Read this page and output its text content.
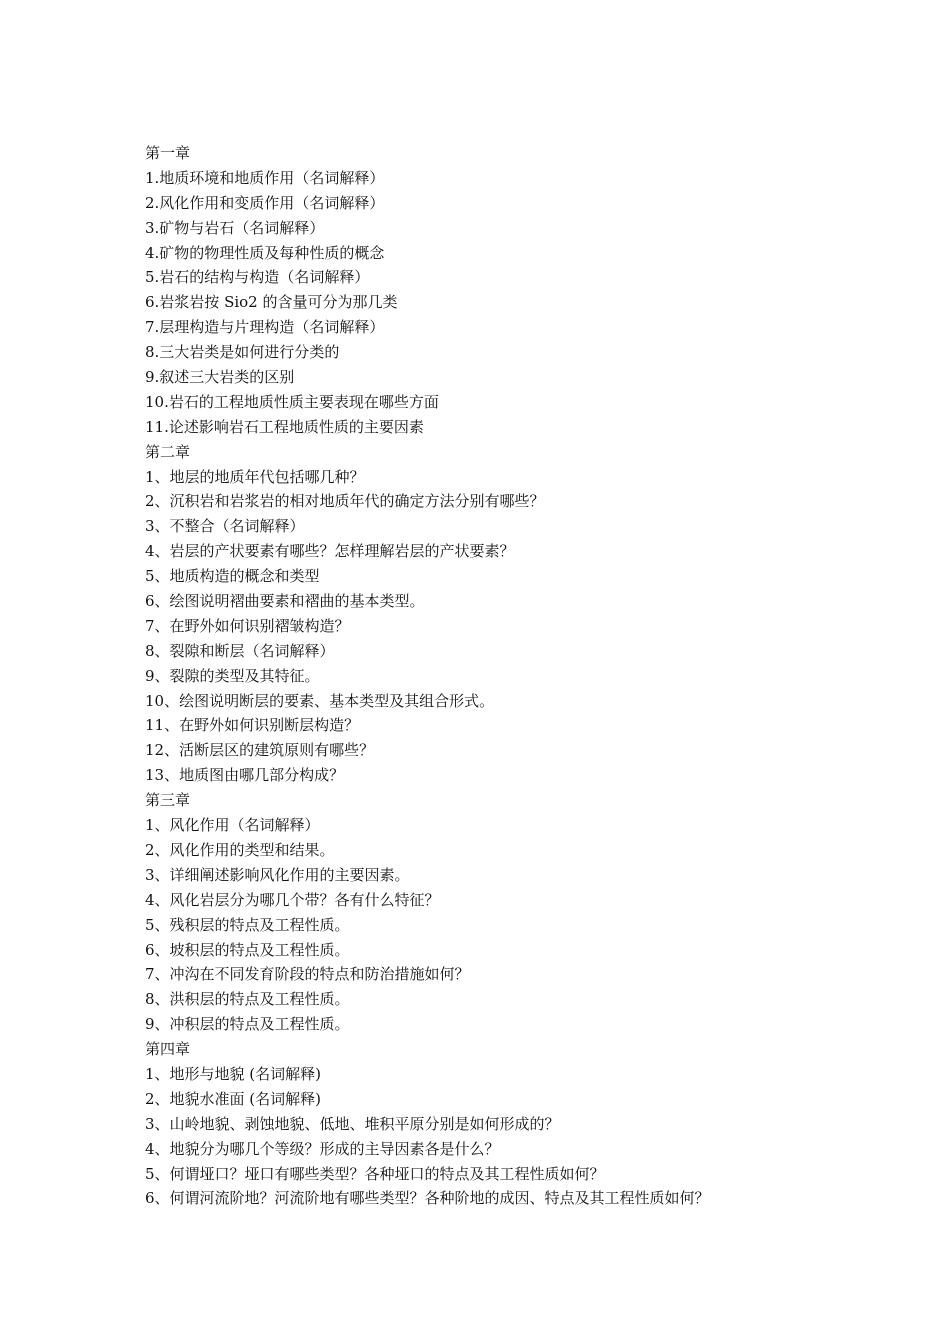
第一章
1.地质环境和地质作用（名词解释）
2.风化作用和变质作用（名词解释）
3.矿物与岩石（名词解释）
4.矿物的物理性质及每种性质的概念
5.岩石的结构与构造（名词解释）
6.岩浆岩按 Sio2 的含量可分为那几类
7.层理构造与片理构造（名词解释）
8.三大岩类是如何进行分类的
9.叙述三大岩类的区别
10.岩石的工程地质性质主要表现在哪些方面
11.论述影响岩石工程地质性质的主要因素
第二章
1、地层的地质年代包括哪几种？
2、沉积岩和岩浆岩的相对地质年代的确定方法分别有哪些？
3、不整合（名词解释）
4、岩层的产状要素有哪些？怎样理解岩层的产状要素？
5、地质构造的概念和类型
6、绘图说明褶曲要素和褶曲的基本类型。
7、在野外如何识别褶皱构造？
8、裂隙和断层（名词解释）
9、裂隙的类型及其特征。
10、绘图说明断层的要素、基本类型及其组合形式。
11、在野外如何识别断层构造？
12、活断层区的建筑原则有哪些？
13、地质图由哪几部分构成？
第三章
1、风化作用（名词解释）
2、风化作用的类型和结果。
3、详细阐述影响风化作用的主要因素。
4、风化岩层分为哪几个带？各有什么特征？
5、残积层的特点及工程性质。
6、坡积层的特点及工程性质。
7、冲沟在不同发育阶段的特点和防治措施如何？
8、洪积层的特点及工程性质。
9、冲积层的特点及工程性质。
第四章
1、地形与地貌 (名词解释)
2、地貌水准面 (名词解释)
3、山岭地貌、剥蚀地貌、低地、堆积平原分别是如何形成的？
4、地貌分为哪几个等级？形成的主导因素各是什么？
5、何谓垭口？垭口有哪些类型？各种垭口的特点及其工程性质如何？
6、何谓河流阶地？河流阶地有哪些类型？各种阶地的成因、特点及其工程性质如何？
